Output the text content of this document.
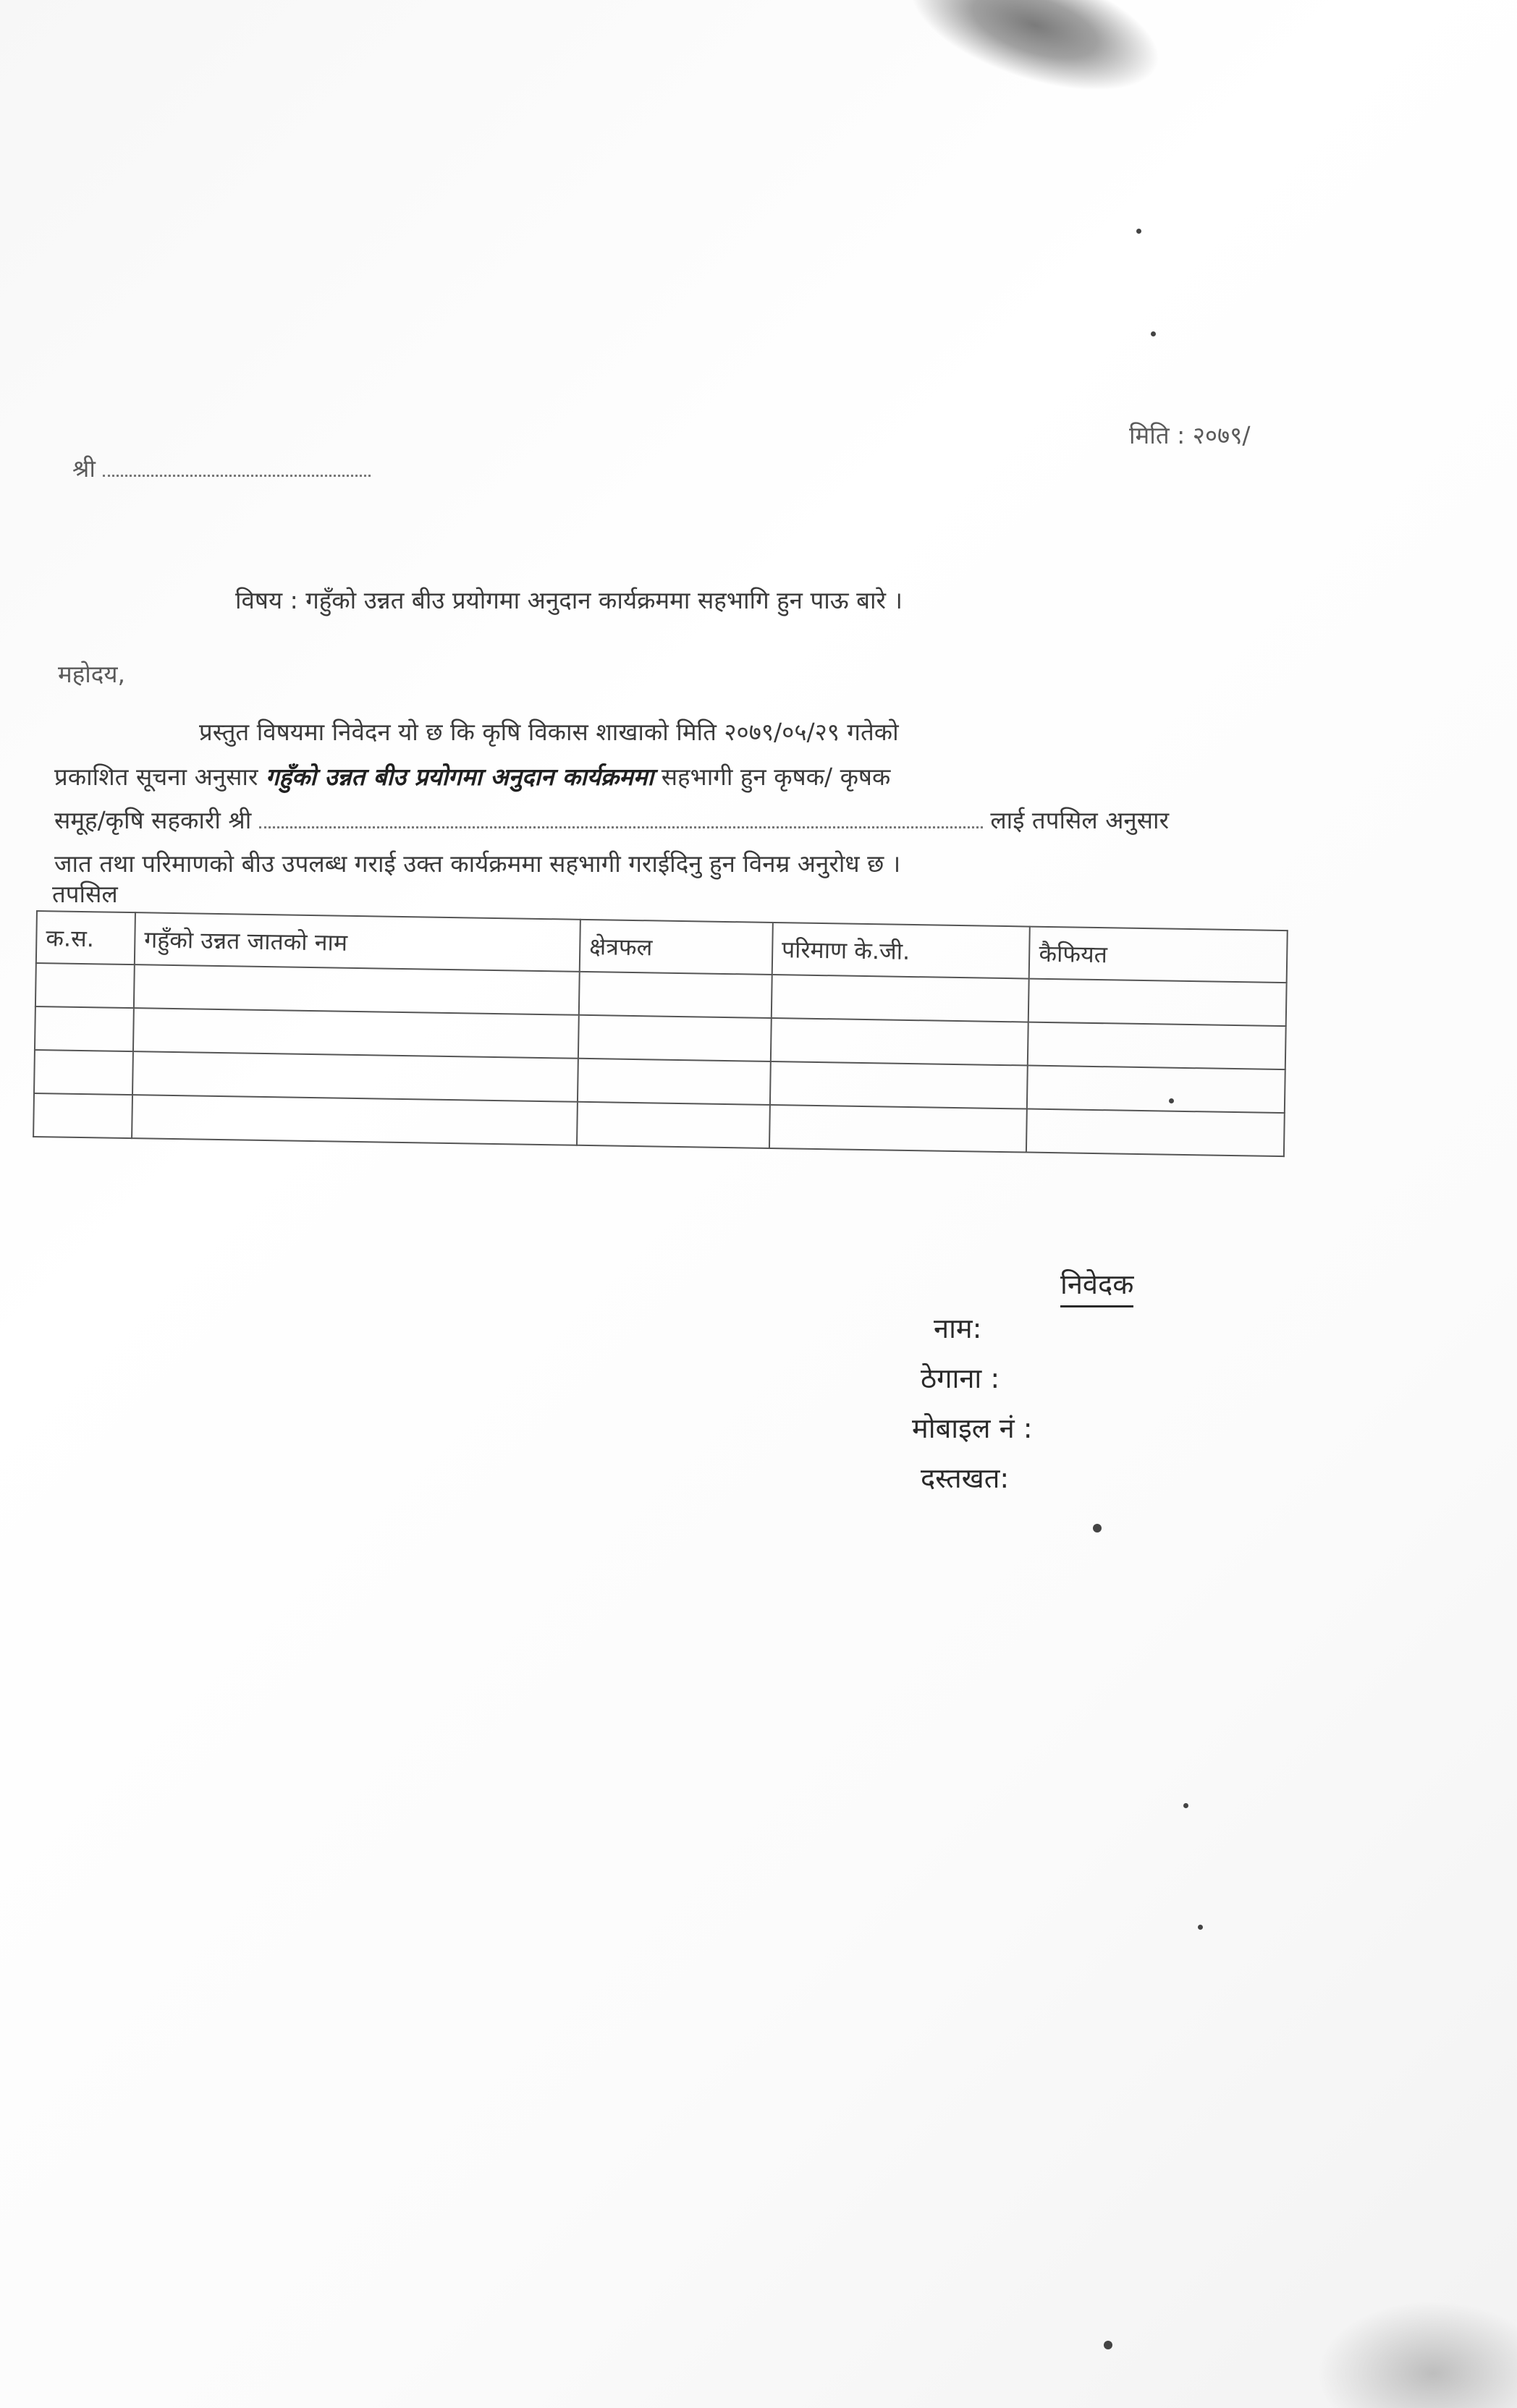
मिति : २०७९/
श्री
विषय : गहुँको उन्नत बीउ प्रयोगमा अनुदान कार्यक्रममा सहभागि हुन पाऊ बारे ।
महोदय,
प्रस्तुत विषयमा निवेदन यो छ कि कृषि विकास शाखाको मिति २०७९/०५/२९ गतेको
प्रकाशित सूचना अनुसार गहुँको उन्नत बीउ प्रयोगमा अनुदान कार्यक्रममा सहभागी हुन कृषक/ कृषक
समूह/कृषि सहकारी श्री	लाई तपसिल अनुसार
जात तथा परिमाणको बीउ उपलब्ध गराई उक्त कार्यक्रममा सहभागी गराईदिनु हुन विनम्र अनुरोध छ ।
तपसिल
क.स.	गहुँको उन्नत जातको नाम	क्षेत्रफल	परिमाण के.जी.	कैफियत

निवेदक
नाम:
ठेगाना :
मोबाइल नं :
दस्तखत:
